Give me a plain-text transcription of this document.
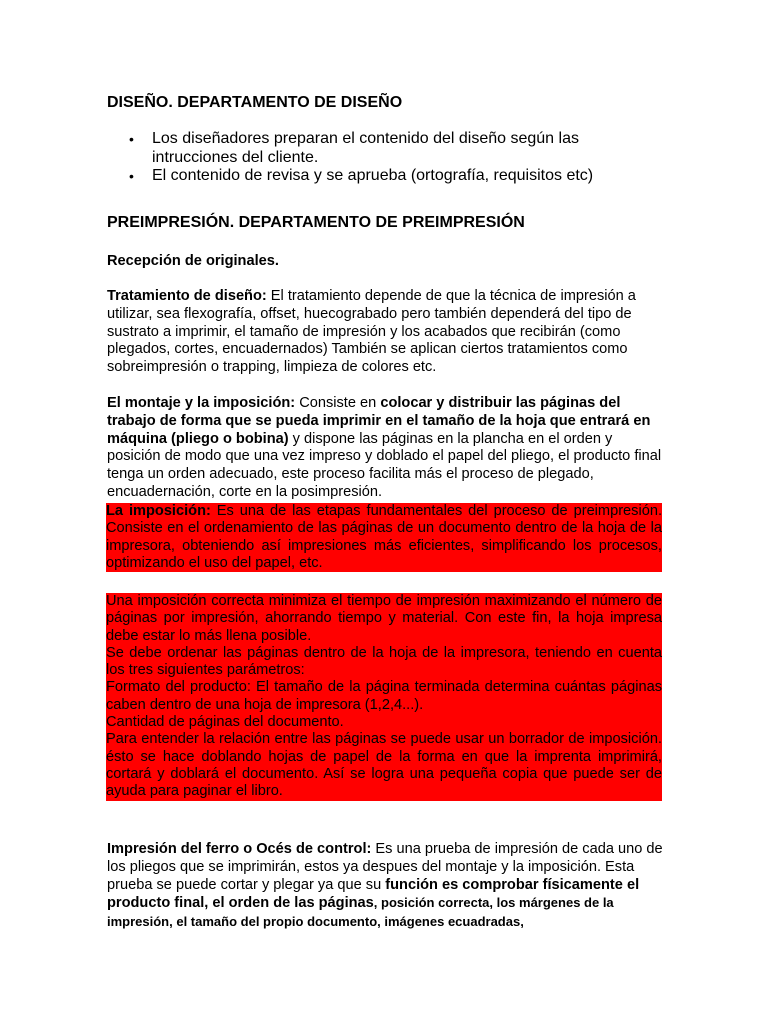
DISEÑO. DEPARTAMENTO DE DISEÑO

• Los diseñadores preparan el contenido del diseño según las intrucciones del cliente.
• El contenido de revisa y se aprueba (ortografía, requisitos etc)

PREIMPRESIÓN. DEPARTAMENTO DE PREIMPRESIÓN

Recepción de originales.

Tratamiento de diseño: El tratamiento depende de que la técnica de impresión a utilizar, sea flexografía, offset, huecograbado pero también dependerá del tipo de sustrato a imprimir, el tamaño de impresión y los acabados que recibirán (como plegados, cortes, encuadernados) También se aplican ciertos tratamientos como sobreimpresión o trapping, limpieza de colores etc.

El montaje y la imposición: Consiste en colocar y distribuir las páginas del trabajo de forma que se pueda imprimir en el tamaño de la hoja que entrará en máquina (pliego o bobina) y dispone las páginas en la plancha en el orden y posición de modo que una vez impreso y doblado el papel del pliego, el producto final tenga un orden adecuado, este proceso facilita más el proceso de plegado, encuadernación, corte en la posimpresión.

La imposición: Es una de las etapas fundamentales del proceso de preimpresión. Consiste en el ordenamiento de las páginas de un documento dentro de la hoja de la impresora, obteniendo así impresiones más eficientes, simplificando los procesos, optimizando el uso del papel, etc.

Una imposición correcta minimiza el tiempo de impresión maximizando el número de páginas por impresión, ahorrando tiempo y material. Con este fin, la hoja impresa debe estar lo más llena posible.

Se debe ordenar las páginas dentro de la hoja de la impresora, teniendo en cuenta los tres siguientes parámetros:

Formato del producto: El tamaño de la página terminada determina cuántas páginas caben dentro de una hoja de impresora (1,2,4...).

Cantidad de páginas del documento.

Para entender la relación entre las páginas se puede usar un borrador de imposición. ésto se hace doblando hojas de papel de la forma en que la imprenta imprimirá, cortará y doblará el documento. Así se logra una pequeña copia que puede ser de ayuda para paginar el libro.

Impresión del ferro o Océs de control: Es una prueba de impresión de cada uno de los pliegos que se imprimirán, estos ya despues del montaje y la imposición. Esta prueba se puede cortar y plegar ya que su función es comprobar físicamente el producto final, el orden de las páginas, posición correcta, los márgenes de la impresión, el tamaño del propio documento, imágenes ecuadradas,
